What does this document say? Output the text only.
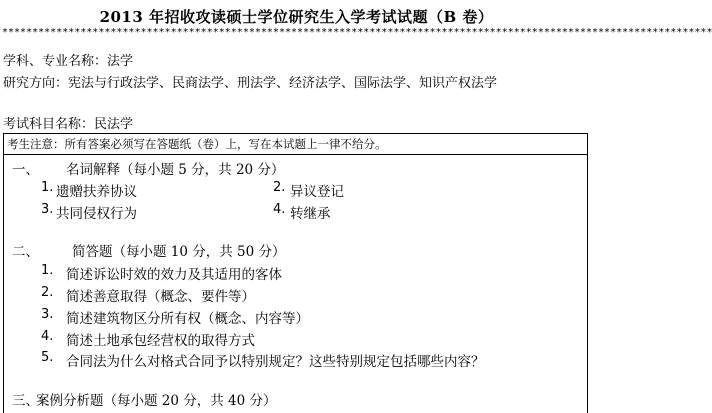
2013 年招收攻读硕士学位研究生入学考试试题（B 卷）
**********************************************************************************************************************
学科、专业名称：法学
研究方向：宪法与行政法学、民商法学、刑法学、经济法学、国际法学、知识产权法学
考试科目名称：民法学
考生注意：所有答案必须写在答题纸（卷）上，写在本试题上一律不给分。
一、 名词解释（每小题 5 分，共 20 分）
1. 遗赠扶养协议	2. 异议登记
3. 共同侵权行为	4. 转继承
二、 简答题（每小题 10 分，共 50 分）
1. 简述诉讼时效的效力及其适用的客体
2. 简述善意取得（概念、要件等）
3. 简述建筑物区分所有权（概念、内容等）
4. 简述土地承包经营权的取得方式
5. 合同法为什么对格式合同予以特别规定？这些特别规定包括哪些内容？
三、
案例分析题（每小题 20 分，共 40 分）
